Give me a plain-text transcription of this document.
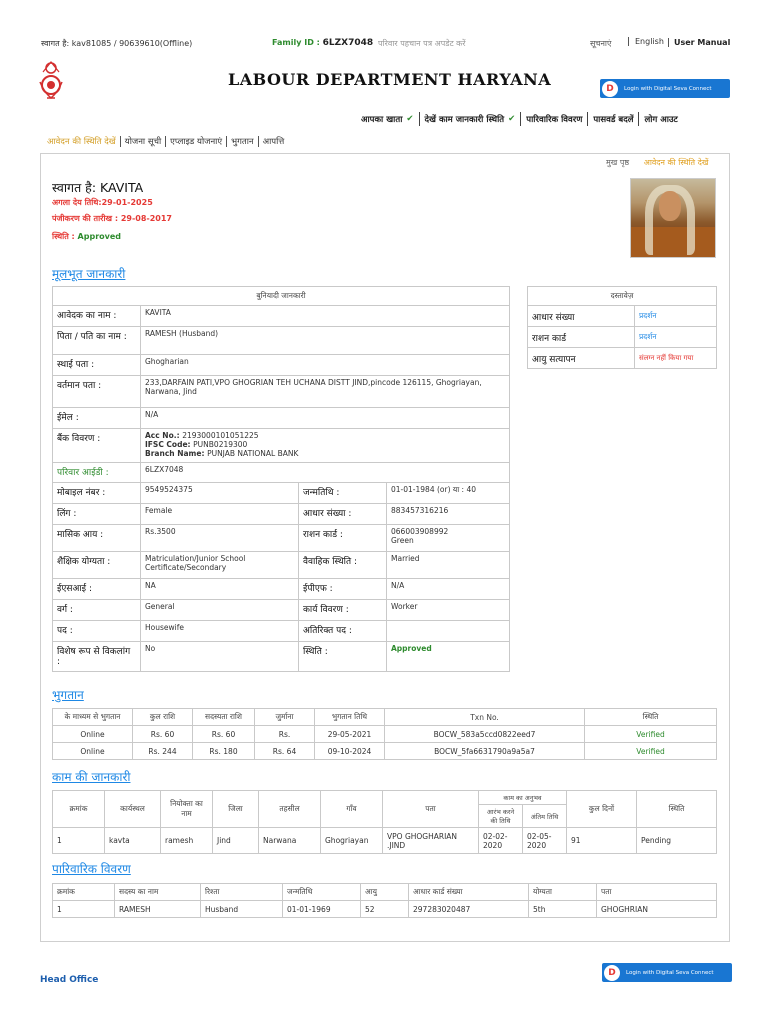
स्वागत है: kav81085 / 90639610(Offline)	Family ID : 6LZX7048 परिवार पहचान पत्र अपडेट करें	सूचनाएं	English	User Manual
LABOUR DEPARTMENT HARYANA	D	Login with Digital Seva Connect
आपका खाता ✔ देखें काम जानकारी स्थिति ✔ पारिवारिक विवरण पासवर्ड बदलें लोग आउट
आवेदन की स्थिति देखें	योजना सूची	एप्लाइड योजनाएं	भुगतान	आपत्ति
मुख पृष्ठ आवेदन की स्थिति देखें
स्वागत है: KAVITA
अगला देय तिथि:29-01-2025
पंजीकरण की तारीख : 29-08-2017
स्थिति : Approved
मूलभूत जानकारी
बुनियादी जानकारी			
आवेदक का नाम :	KAVITA		
पिता / पति का नाम :	RAMESH (Husband)		
स्थाई पता :	Ghogharian		
वर्तमान पता :	233,DARFAIN PATI,VPO GHOGRIAN TEH UCHANA DISTT JIND,pincode 126115, Ghogriayan, Narwana, Jind		
ईमेल :	N/A		
बैंक विवरण :	Acc No.: 2193000101051225
IFSC Code: PUNB0219300
Branch Name: PUNJAB NATIONAL BANK		

परिवार आईडी :	6LZX7048		
मोबाइल नंबर :	9549524375	जन्मतिथि :	01-01-1984 (or) या : 40
लिंग :	Female	आधार संख्या :	883457316216
मासिक आय :	Rs.3500	राशन कार्ड :	066003908992
Green

शैक्षिक योग्यता :	Matriculation/Junior School Certificate/Secondary	वैवाहिक स्थिति :	Married
ईएसआई :	NA	ईपीएफ :	N/A
वर्ग :	General	कार्य विवरण :	Worker
पद :	Housewife	अतिरिक्त पद :	
विशेष रूप से विकलांग :	No	स्थिति :	Approved
दस्तावेज़	
आधार संख्या	प्रदर्शन
राशन कार्ड	प्रदर्शन
आयु सत्यापन	संलग्न नहीं किया गया
भुगतान
के माध्यम से भुगतान	कुल राशि	सदस्यता राशि	जुर्माना	भुगतान तिथि	Txn No.	स्थिति
Online	Rs. 60	Rs. 60	Rs.	29-05-2021	BOCW_583a5ccd0822eed7	Verified
Online	Rs. 244	Rs. 180	Rs. 64	09-10-2024	BOCW_5fa6631790a9a5a7	Verified
काम की जानकारी
क्रमांक	कार्यस्थल	नियोक्ता का नाम	जिला	तहसील	गाँव	पता	काम का अनुभव		कुल दिनों	स्थिति
							आरंभ करने की तिथि	अंतिम तिथि		
1	kavta	ramesh	Jind	Narwana	Ghogriayan	VPO GHOGHARIAN .JIND	02-02-2020	02-05-2020	91	Pending
पारिवारिक विवरण
क्रमांक	सदस्य का नाम	रिश्ता	जन्मतिथि	आयु	आधार कार्ड संख्या	योग्यता	पता
1	RAMESH	Husband	01-01-1969	52	297283020487	5th	GHOGHRIAN
Head Office
D	Login with Digital Seva Connect
